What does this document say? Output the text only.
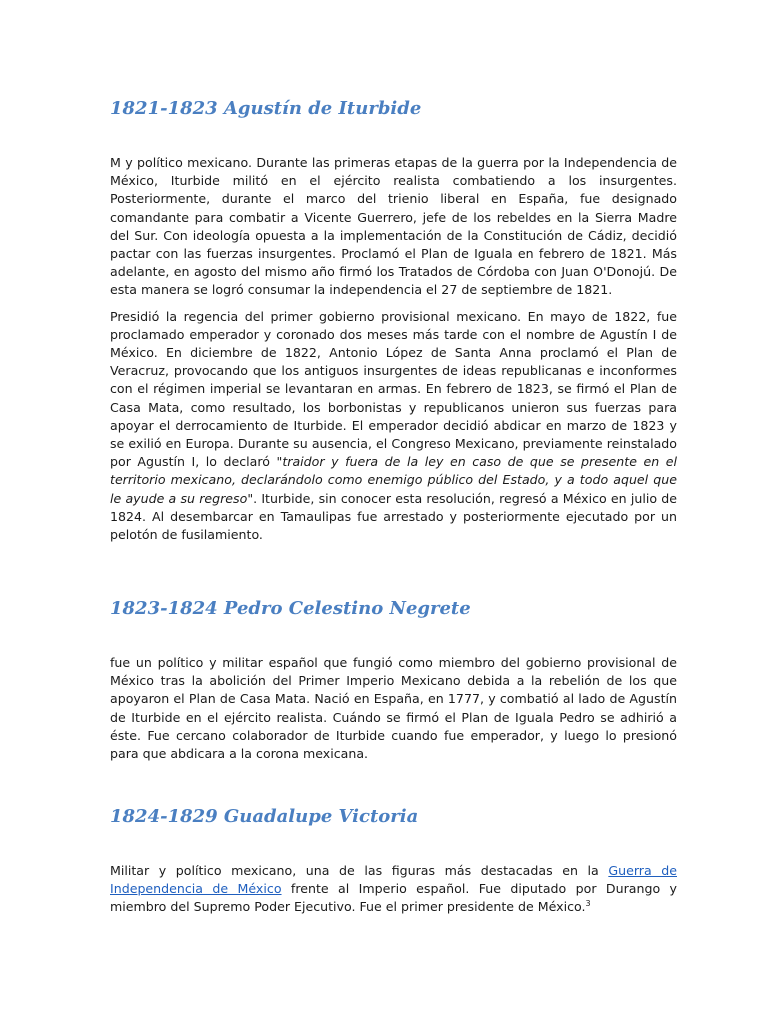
1821-1823 Agustín de Iturbide

M y político mexicano. Durante las primeras etapas de la guerra por la Independencia de México, Iturbide militó en el ejército realista combatiendo a los insurgentes. Posteriormente, durante el marco del trienio liberal en España, fue designado comandante para combatir a Vicente Guerrero, jefe de los rebeldes en la Sierra Madre del Sur. Con ideología opuesta a la implementación de la Constitución de Cádiz, decidió pactar con las fuerzas insurgentes. Proclamó el Plan de Iguala en febrero de 1821. Más adelante, en agosto del mismo año firmó los Tratados de Córdoba con Juan O'Donojú. De esta manera se logró consumar la independencia el 27 de septiembre de 1821.

Presidió la regencia del primer gobierno provisional mexicano. En mayo de 1822, fue proclamado emperador y coronado dos meses más tarde con el nombre de Agustín I de México. En diciembre de 1822, Antonio López de Santa Anna proclamó el Plan de Veracruz, provocando que los antiguos insurgentes de ideas republicanas e inconformes con el régimen imperial se levantaran en armas. En febrero de 1823, se firmó el Plan de Casa Mata, como resultado, los borbonistas y republicanos unieron sus fuerzas para apoyar el derrocamiento de Iturbide. El emperador decidió abdicar en marzo de 1823 y se exilió en Europa. Durante su ausencia, el Congreso Mexicano, previamente reinstalado por Agustín I, lo declaró "traidor y fuera de la ley en caso de que se presente en el territorio mexicano, declarándolo como enemigo público del Estado, y a todo aquel que le ayude a su regreso". Iturbide, sin conocer esta resolución, regresó a México en julio de 1824. Al desembarcar en Tamaulipas fue arrestado y posteriormente ejecutado por un pelotón de fusilamiento.

1823-1824 Pedro Celestino Negrete

fue un político y militar español que fungió como miembro del gobierno provisional de México tras la abolición del Primer Imperio Mexicano debida a la rebelión de los que apoyaron el Plan de Casa Mata. Nació en España, en 1777, y combatió al lado de Agustín de Iturbide en el ejército realista. Cuándo se firmó el Plan de Iguala Pedro se adhirió a éste. Fue cercano colaborador de Iturbide cuando fue emperador, y luego lo presionó para que abdicara a la corona mexicana.

1824-1829 Guadalupe Victoria

Militar y político mexicano, una de las figuras más destacadas en la Guerra de Independencia de México frente al Imperio español. Fue diputado por Durango y miembro del Supremo Poder Ejecutivo. Fue el primer presidente de México.$^3$
